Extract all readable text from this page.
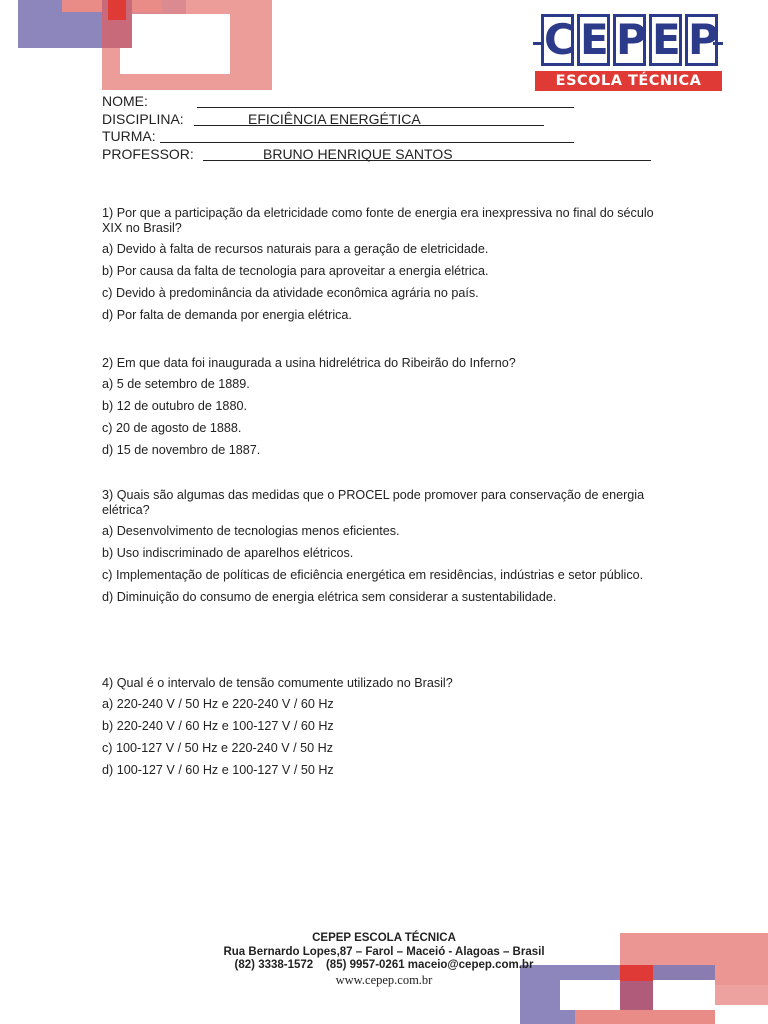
C E P E P
ESCOLA TÉCNICA
NOME:
DISCIPLINA:	EFICIÊNCIA ENERGÉTICA
TURMA:
PROFESSOR:	BRUNO HENRIQUE SANTOS

1) Por que a participação da eletricidade como fonte de energia era inexpressiva no final do século XIX no Brasil?

a) Devido à falta de recursos naturais para a geração de eletricidade.

b) Por causa da falta de tecnologia para aproveitar a energia elétrica.

c) Devido à predominância da atividade econômica agrária no país.

d) Por falta de demanda por energia elétrica.

2) Em que data foi inaugurada a usina hidrelétrica do Ribeirão do Inferno?

a) 5 de setembro de 1889.

b) 12 de outubro de 1880.

c) 20 de agosto de 1888.

d) 15 de novembro de 1887.

3) Quais são algumas das medidas que o PROCEL pode promover para conservação de energia elétrica?

a) Desenvolvimento de tecnologias menos eficientes.

b) Uso indiscriminado de aparelhos elétricos.

c) Implementação de políticas de eficiência energética em residências, indústrias e setor público.

d) Diminuição do consumo de energia elétrica sem considerar a sustentabilidade.

4) Qual é o intervalo de tensão comumente utilizado no Brasil?

a) 220-240 V / 50 Hz e 220-240 V / 60 Hz

b) 220-240 V / 60 Hz e 100-127 V / 60 Hz

c) 100-127 V / 50 Hz e 220-240 V / 50 Hz

d) 100-127 V / 60 Hz e 100-127 V / 50 Hz

CEPEP ESCOLA TÉCNICA
Rua Bernardo Lopes,87 – Farol – Maceió - Alagoas – Brasil
(82) 3338-1572    (85) 9957-0261 maceio@cepep.com.br
www.cepep.com.br
